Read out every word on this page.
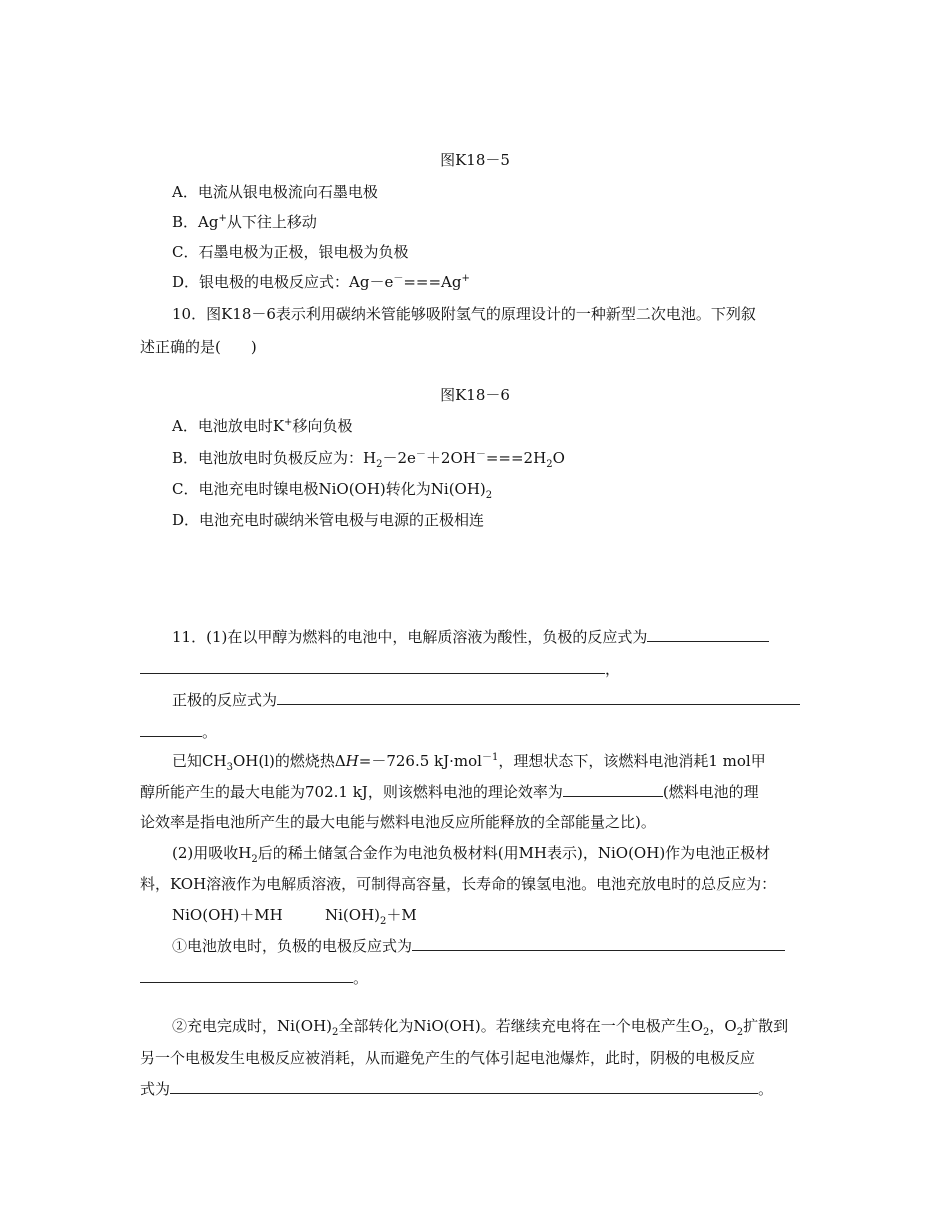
图K18－5
A．电流从银电极流向石墨电极
B．Ag+从下往上移动
C．石墨电极为正极，银电极为负极
D．银电极的电极反应式：Ag－e－===Ag+
10．图K18－6表示利用碳纳米管能够吸附氢气的原理设计的一种新型二次电池。下列叙
述正确的是(　　)
图K18－6
A．电池放电时K+移向负极
B．电池放电时负极反应为：$H_2-2e^-+2OH^-===2H_2O$
C．电池充电时镍电极NiO(OH)转化为$Ni(OH)_2$
D．电池充电时碳纳米管电极与电源的正极相连
11．(1)在以甲醇为燃料的电池中，电解质溶液为酸性，负极的反应式为
，
正极的反应式为
。
已知$CH_3OH(l)$的燃烧热ΔH=－726.5 kJ·mol$^{-1}$，理想状态下，该燃料电池消耗1 mol甲
醇所能产生的最大电能为702.1 kJ，则该燃料电池的理论效率为	(燃料电池的理
论效率是指电池所产生的最大电能与燃料电池反应所能释放的全部能量之比)。
(2)用吸收$H_2$后的稀土储氢合金作为电池负极材料(用MH表示)，NiO(OH)作为电池正极材
料，KOH溶液作为电解质溶液，可制得高容量，长寿命的镍氢电池。电池充放电时的总反应为：
NiO(OH)＋MH	$Ni(OH)_2+M$
①电池放电时，负极的电极反应式为
。
②充电完成时，$Ni(OH)_2$全部转化为NiO(OH)。若继续充电将在一个电极产生$O_2$，$O_2$扩散到
另一个电极发生电极反应被消耗，从而避免产生的气体引起电池爆炸，此时，阴极的电极反应
式为	。
